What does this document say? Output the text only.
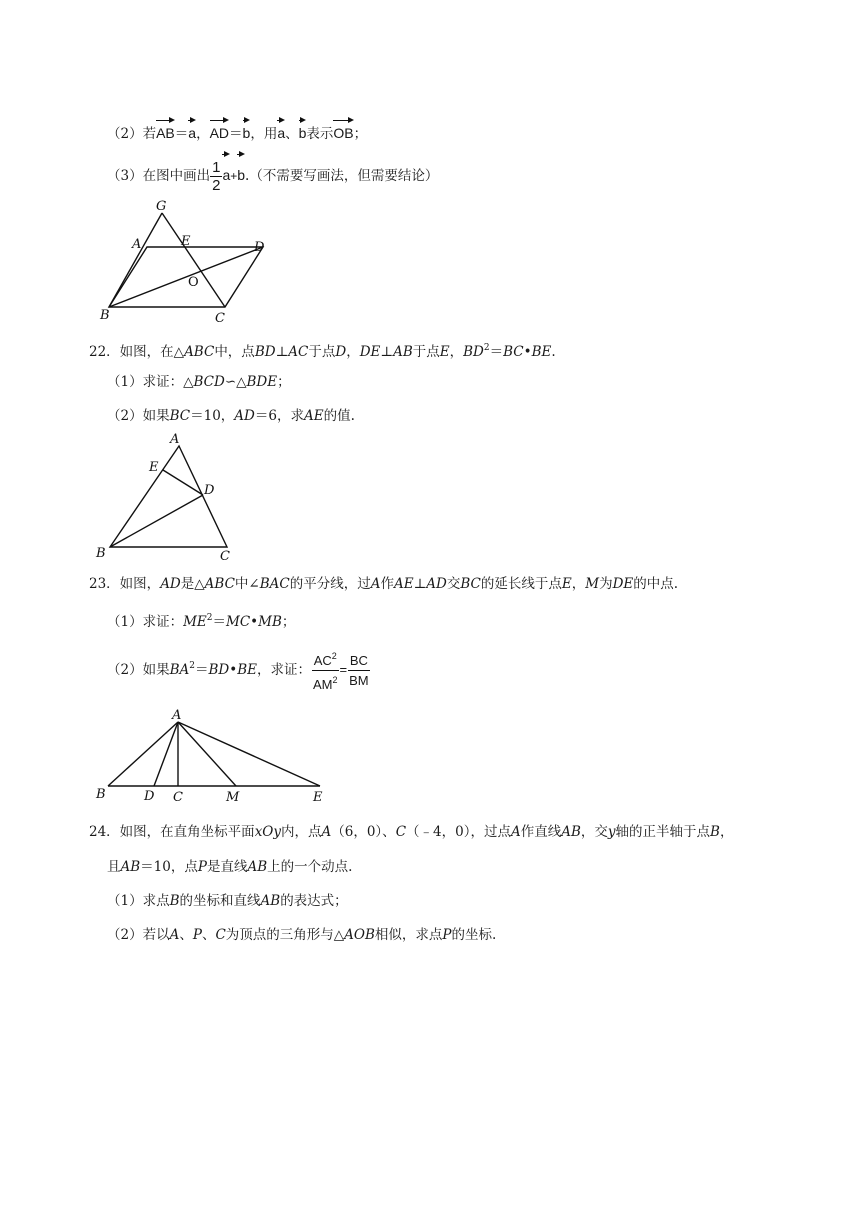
（2）若AB＝a，AD＝b，用a、b表示OB；
（3）在图中画出 $\frac{1}{2} a+b$.（不需要写画法，但需要结论）
G
A	E	D
O
B	C
22．如图，在△ABC中，点BD⊥AC于点D，DE⊥AB于点E，$BD^2=BC•BE$.
（1）求证：△BCD∽△BDE；
（2）如果BC＝10，AD＝6，求AE的值.
A
E
D
B	C
23．如图，AD是△ABC中∠BAC的平分线，过A作AE⊥AD交BC的延长线于点E，M为DE的中点.
（1）求证：$ME^2=MC•MB$；
（2）如果$BA^2=BD•BE$，求证： $\frac{AC^2}{AM^2} = \frac{BC}{BM}$
A
B	D C	M	E
24．如图，在直角坐标平面xOy内，点A（6，0）、C（﹣4，0），过点A作直线AB，交y轴的正半轴于点B，
且AB＝10，点P是直线AB上的一个动点.
（1）求点B的坐标和直线AB的表达式；
（2）若以A、P、C为顶点的三角形与△AOB相似，求点P的坐标.
